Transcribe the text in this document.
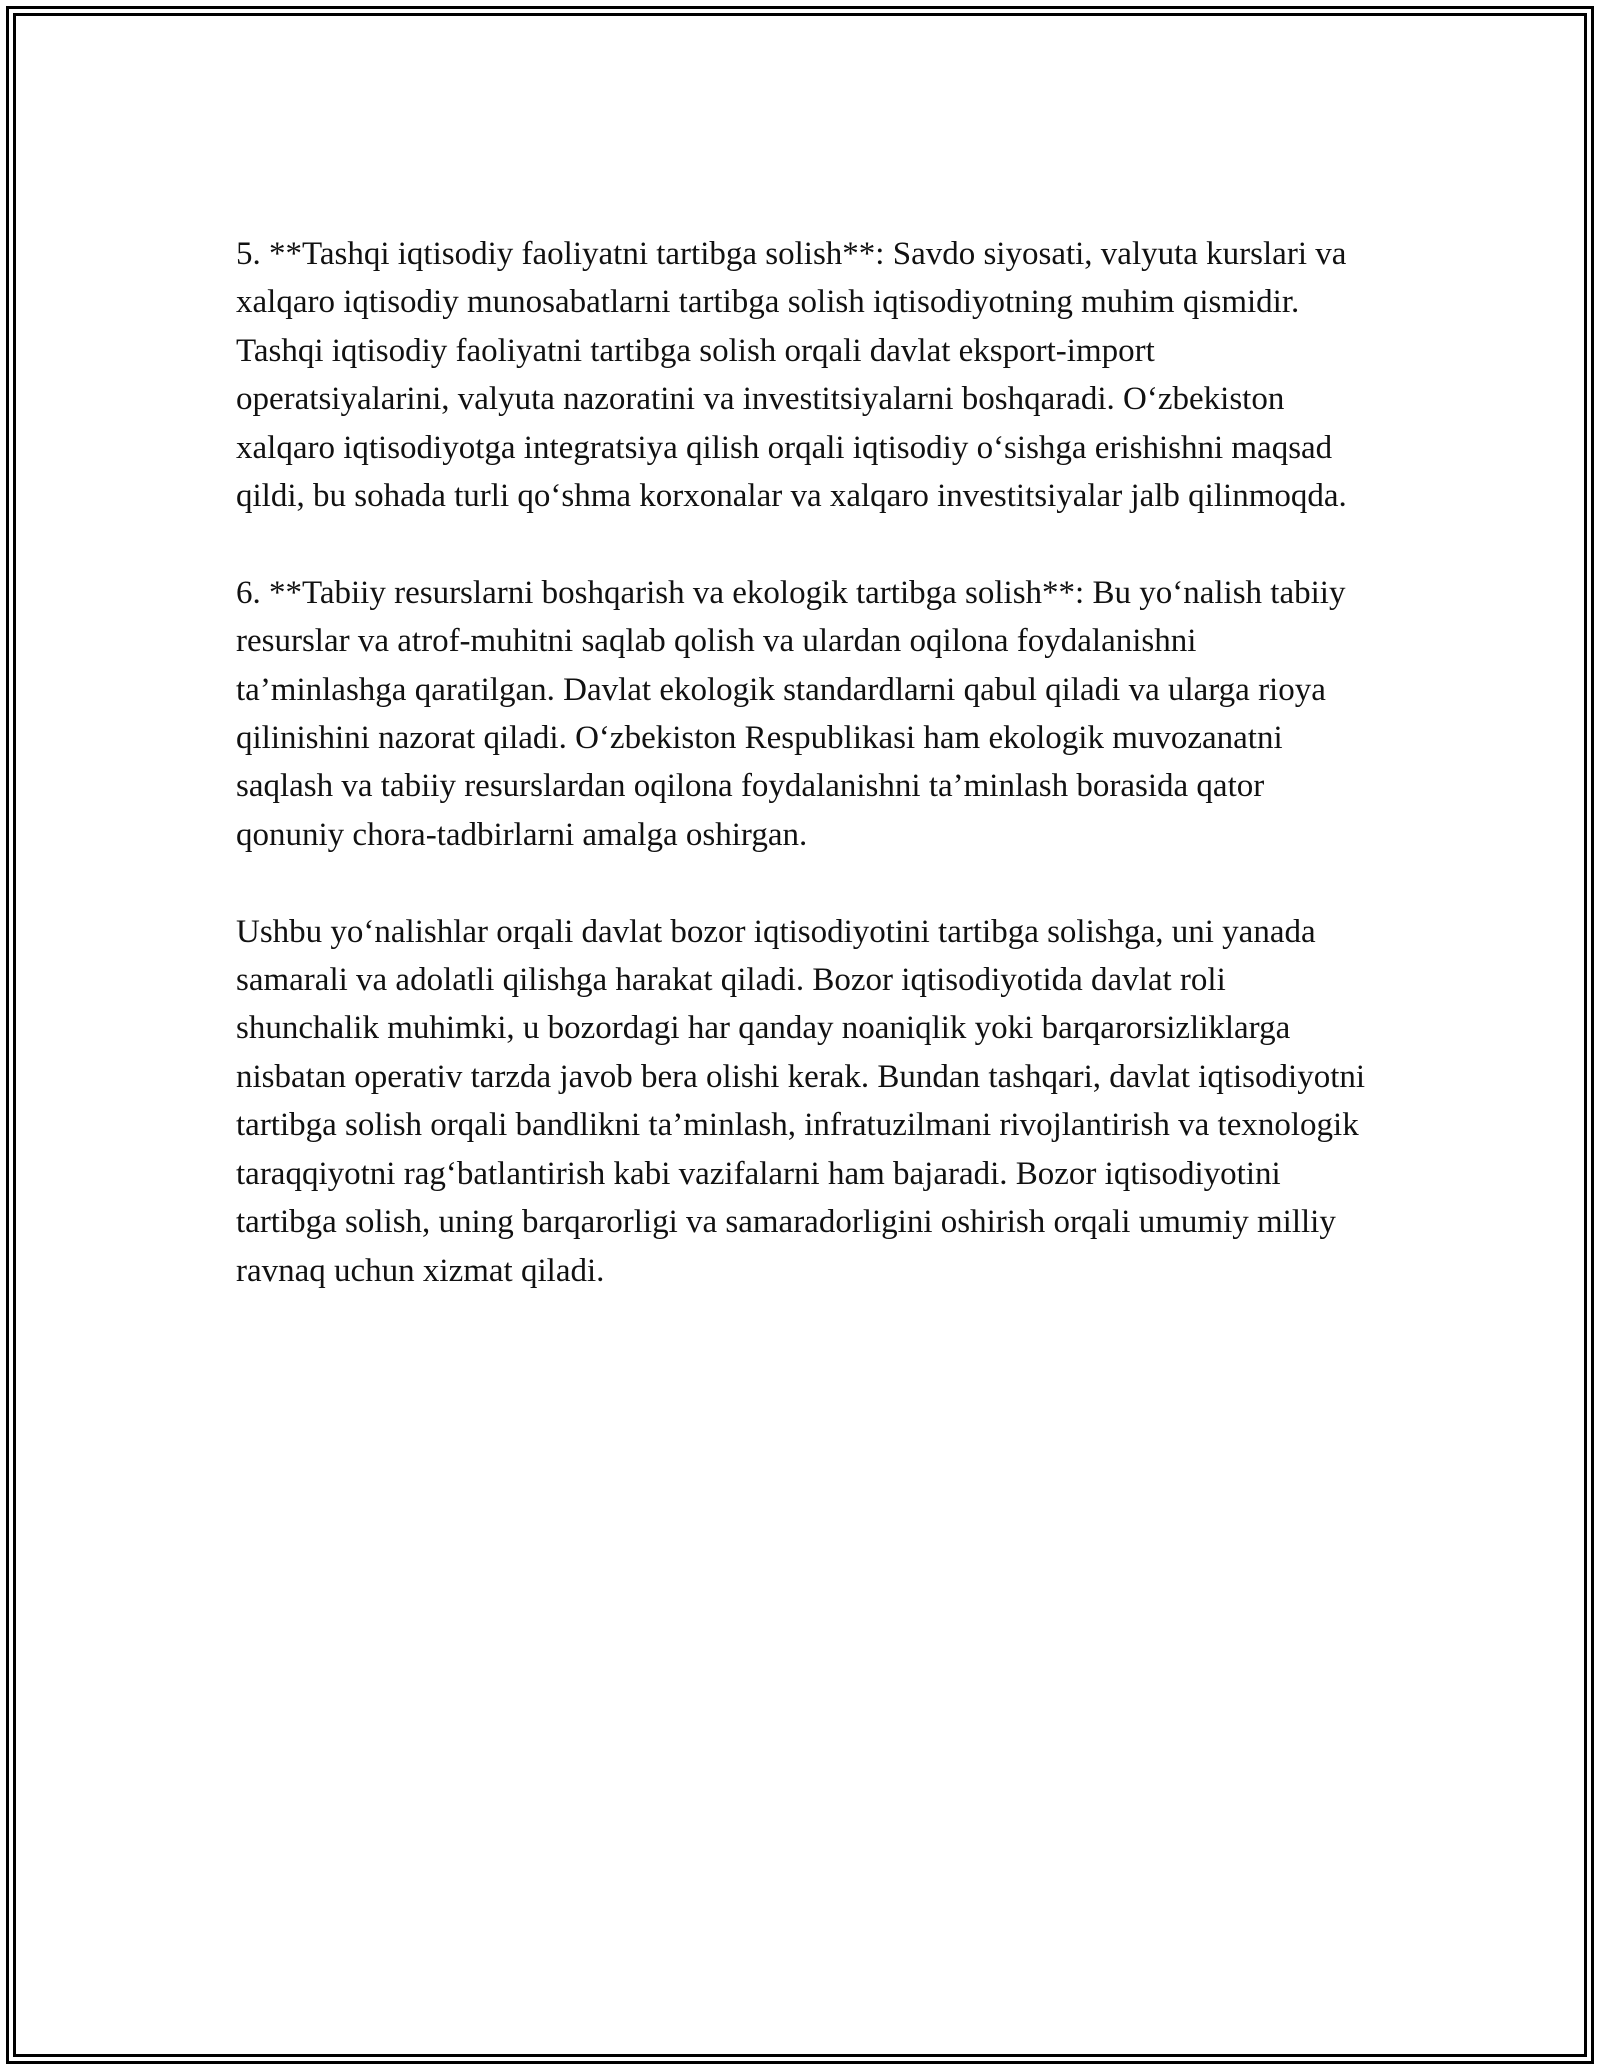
5. **Tashqi iqtisodiy faoliyatni tartibga solish**: Savdo siyosati, valyuta kurslari va xalqaro iqtisodiy munosabatlarni tartibga solish iqtisodiyotning muhim qismidir. Tashqi iqtisodiy faoliyatni tartibga solish orqali davlat eksport-import operatsiyalarini, valyuta nazoratini va investitsiyalarni boshqaradi. O‘zbekiston xalqaro iqtisodiyotga integratsiya qilish orqali iqtisodiy o‘sishga erishishni maqsad qildi, bu sohada turli qo‘shma korxonalar va xalqaro investitsiyalar jalb qilinmoqda.

6. **Tabiiy resurslarni boshqarish va ekologik tartibga solish**: Bu yo‘nalish tabiiy resurslar va atrof-muhitni saqlab qolish va ulardan oqilona foydalanishni ta’minlashga qaratilgan. Davlat ekologik standardlarni qabul qiladi va ularga rioya qilinishini nazorat qiladi. O‘zbekiston Respublikasi ham ekologik muvozanatni saqlash va tabiiy resurslardan oqilona foydalanishni ta’minlash borasida qator qonuniy chora-tadbirlarni amalga oshirgan.

Ushbu yo‘nalishlar orqali davlat bozor iqtisodiyotini tartibga solishga, uni yanada samarali va adolatli qilishga harakat qiladi. Bozor iqtisodiyotida davlat roli shunchalik muhimki, u bozordagi har qanday noaniqlik yoki barqarorsizliklarga nisbatan operativ tarzda javob bera olishi kerak. Bundan tashqari, davlat iqtisodiyotni tartibga solish orqali bandlikni ta’minlash, infratuzilmani rivojlantirish va texnologik taraqqiyotni rag‘batlantirish kabi vazifalarni ham bajaradi. Bozor iqtisodiyotini tartibga solish, uning barqarorligi va samaradorligini oshirish orqali umumiy milliy ravnaq uchun xizmat qiladi.
